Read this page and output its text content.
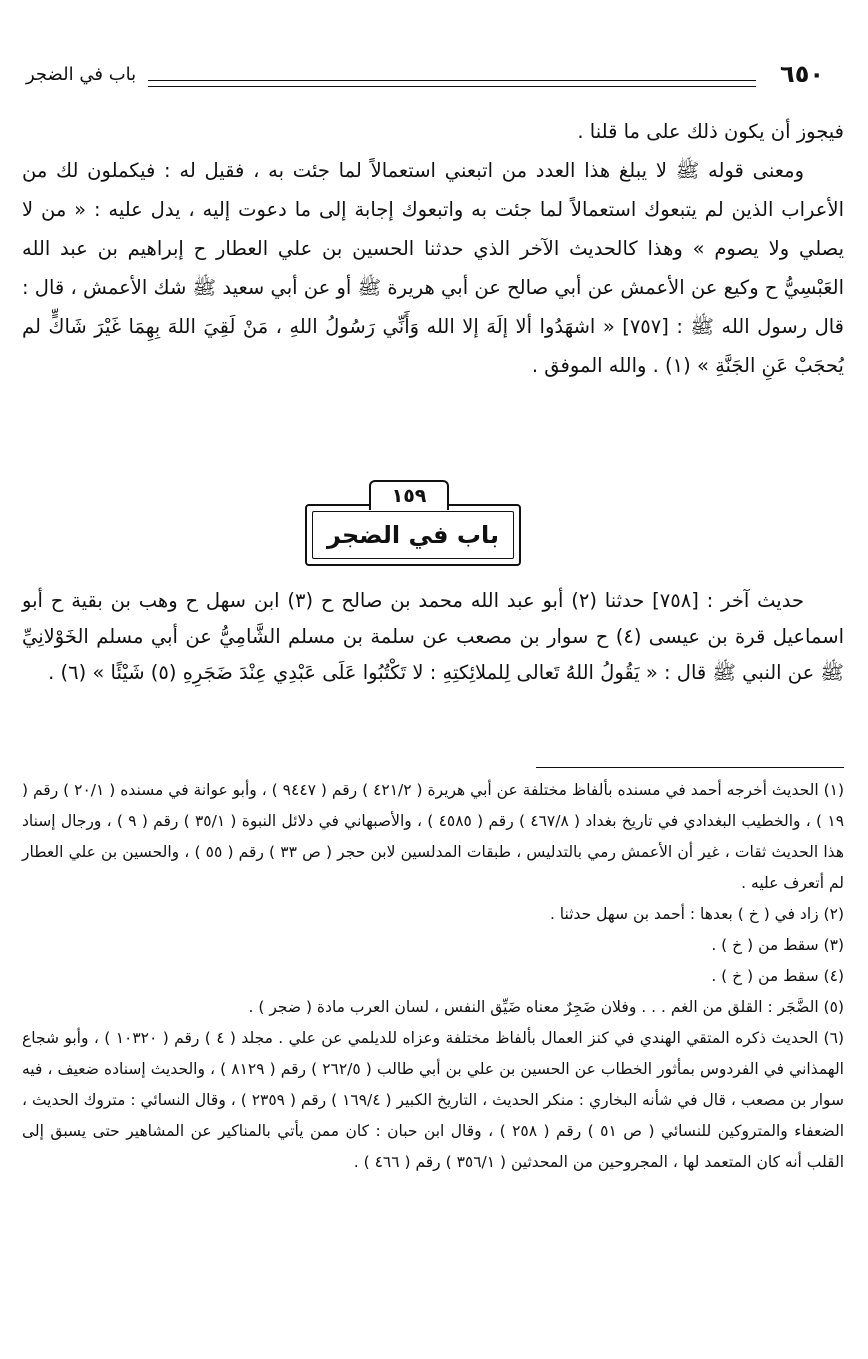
٦٥٠
باب في الضجر

فيجوز أن يكون ذلك على ما قلنا .

ومعنى قوله ﷺ لا يبلغ هذا العدد من اتبعني استعمالاً لما جئت به ، فقيل له : فيكملون لك من الأعراب الذين لم يتبعوك استعمالاً لما جئت به واتبعوك إجابة إلى ما دعوت إليه ، يدل عليه : « من لا يصلي ولا يصوم » وهذا كالحديث الآخر الذي حدثنا الحسين بن علي العطار ح إبراهيم بن عبد الله العَبْسِيُّ ح وكيع عن الأعمش عن أبي صالح عن أبي هريرة ﷺ أو عن أبي سعيد ﷺ شك الأعمش ، قال : قال رسول الله ﷺ : [٧٥٧] « اشهَدُوا ألا إلَهَ إلا الله وَأَنِّي رَسُولُ اللهِ ، مَنْ لَقِيَ اللهَ بِهِمَا غَيْرَ شَاكٍّ لم يُحجَبْ عَنِ الجَنَّةِ » (١) . والله الموفق .

١٥٩
باب في الضجر

حديث آخر : [٧٥٨] حدثنا (٢) أبو عبد الله محمد بن صالح ح (٣) ابن سهل ح وهب بن بقية ح أبو اسماعيل قرة بن عيسى (٤) ح سوار بن مصعب عن سلمة بن مسلم الشَّامِيُّ عن أبي مسلم الخَوْلانِيِّ ﷺ عن النبي ﷺ قال : « يَقُولُ اللهُ تَعالى لِلملائِكتِهِ : لا تَكْتُبُوا عَلَى عَبْدِي عِنْدَ ضَجَرِهِ (٥) شَيْئًا » (٦) .

(١) الحديث أخرجه أحمد في مسنده بألفاظ مختلفة عن أبي هريرة ( ٤٢١/٢ ) رقم ( ٩٤٤٧ ) ، وأبو عوانة في مسنده ( ٢٠/١ ) رقم ( ١٩ ) ، والخطيب البغدادي في تاريخ بغداد ( ٤٦٧/٨ ) رقم ( ٤٥٨٥ ) ، والأصبهاني في دلائل النبوة ( ٣٥/١ ) رقم ( ٩ ) ، ورجال إسناد هذا الحديث ثقات ، غير أن الأعمش رمي بالتدليس ، طبقات المدلسين لابن حجر ( ص ٣٣ ) رقم ( ٥٥ ) ، والحسين بن علي العطار لم أتعرف عليه .

(٢) زاد في ( خ ) بعدها : أحمد بن سهل حدثنا .

(٣) سقط من ( خ ) .

(٤) سقط من ( خ ) .

(٥) الضَّجَر : القلق من الغم . . . وفلان ضَجِرٌ معناه ضَيِّق النفس ، لسان العرب مادة ( ضجر ) .

(٦) الحديث ذكره المتقي الهندي في كنز العمال بألفاظ مختلفة وعزاه للديلمي عن علي . مجلد ( ٤ ) رقم ( ١٠٣٢٠ ) ، وأبو شجاع الهمذاني في الفردوس بمأثور الخطاب عن الحسين بن علي بن أبي طالب ( ٢٦٢/٥ ) رقم ( ٨١٢٩ ) ، والحديث إسناده ضعيف ، فيه سوار بن مصعب ، قال في شأنه البخاري : منكر الحديث ، التاريخ الكبير ( ١٦٩/٤ ) رقم ( ٢٣٥٩ ) ، وقال النسائي : متروك الحديث ، الضعفاء والمتروكين للنسائي ( ص ٥١ ) رقم ( ٢٥٨ ) ، وقال ابن حبان : كان ممن يأتي بالمناكير عن المشاهير حتى يسبق إلى القلب أنه كان المتعمد لها ، المجروحين من المحدثين ( ٣٥٦/١ ) رقم ( ٤٦٦ ) .
